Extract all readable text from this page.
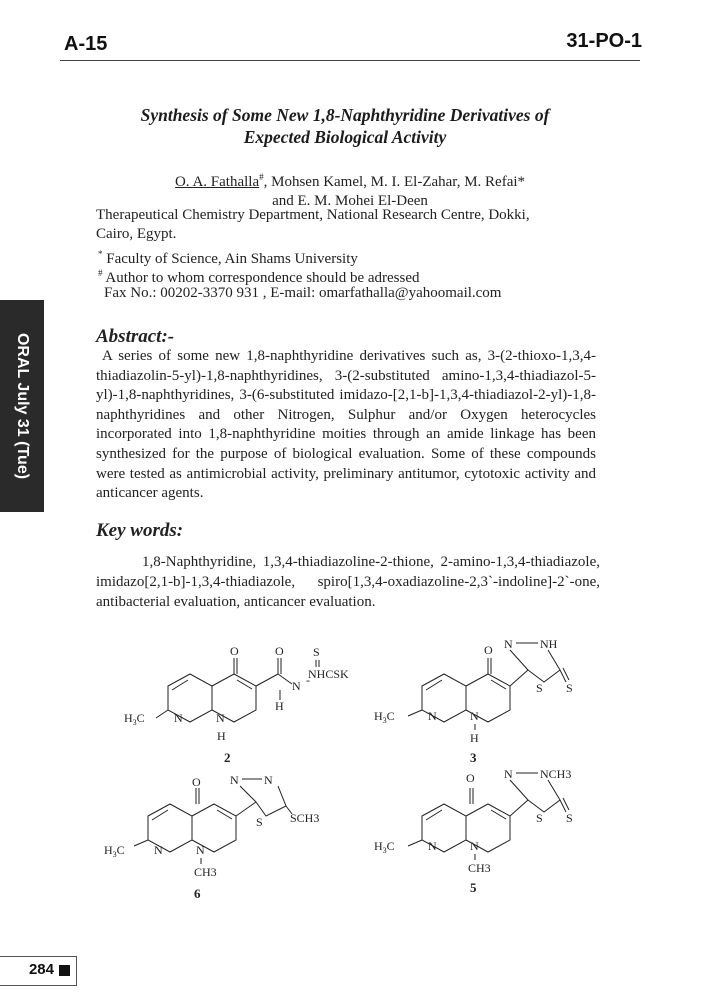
A-15	31-PO-1
ORAL July 31 (Tue)
Synthesis of Some New 1,8-Naphthyridine Derivatives of
Expected Biological Activity
O. A. Fathalla#, Mohsen Kamel, M. I. El-Zahar, M. Refai*
and E. M. Mohei El-Deen
Therapeutical Chemistry Department, National Research Centre, Dokki,
Cairo, Egypt.
* Faculty of Science, Ain Shams University
# Author to whom correspondence should be adressed
Fax No.: 00202-3370 931 , E-mail: omarfathalla@yahoomail.com
Abstract:-
A series of some new 1,8-naphthyridine derivatives such as, 3-(2-thioxo-1,3,4-thiadiazolin-5-yl)-1,8-naphthyridines, 3-(2-substituted amino-1,3,4-thiadiazol-5-yl)-1,8-naphthyridines, 3-(6-substituted imidazo-[2,1-b]-1,3,4-thiadiazol-2-yl)-1,8-naphthyridines and other Nitrogen, Sulphur and/or Oxygen heterocycles incorporated into 1,8-naphthyridine moities through an amide linkage has been synthesized for the purpose of biological evaluation. Some of these compounds were tested as antimicrobial activity, preliminary antitumor, cytotoxic activity and anticancer agents.
Key words:
1,8-Naphthyridine, 1,3,4-thiadiazoline-2-thione, 2-amino-1,3,4-thiadiazole, imidazo[2,1-b]-1,3,4-thiadiazole, spiro[1,3,4-oxadiazoline-2,3`-indoline]-2`-one, antibacterial evaluation, anticancer evaluation.
O	O
N -
NHCSK
S
H
$H_3C$ N	N
H
2
O N NH
S S
$H_3C$	N	N
H
3
O N N
S SCH3
$H_3C$ N	N
CH3
6
O N NCH3
S S
$H_3C$	N	N
CH3
5
284
